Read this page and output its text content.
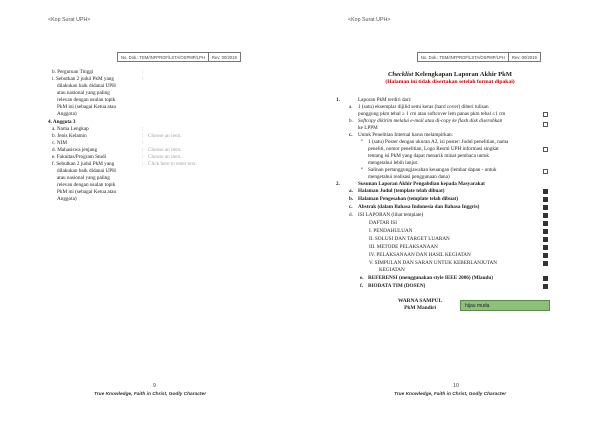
<Kop Surat UPH>
No. Dok.: TEM/INFPROF/LSTA/OSPMP/LPH	Rev: 00/2019
b. Perguruan Tinggi	:
i. Sebutkan 2 judul PkM yang	:
dilakukan baik didanai UPH
atau nasional yang paling
relevan dengan usulan topik
PkM ini (sebagai Ketua atau
Anggota)
4. Anggota 3
a. Nama Lengkap	:
b. Jenis Kelamin	: Choose an item.
c. NIM	:
d. Mahasiswa jenjang	: Choose an item.
e. Fakultas/Program Studi	: Choose an item.
f. Sebutkan 2 judul PkM yang	: Click here to enter text.
dilakukan baik didanai UPH
atau nasional yang paling
relevan dengan usulan topik
PkM ini (sebagai Ketua atau
Anggota)
9
True Knowledge, Faith in Christ, Godly Character
<Kop Surat UPH>
No. Dok.: TEM/INFPROF/LSTA/OSPMP/LPH	Rev: 00/2019
10
True Knowledge, Faith in Christ, Godly Character
Checklist Kelengkapan Laporan Akhir PkM
(Halaman ini tidak disertakan setelah format dipakai)
1.	Laporan PkM terdiri dari:
a. 1 (satu) eksemplar dijilid semi keras (hard cover) diberi tulisan
punggung pkm tebal ≥ 1 cm atau softcover lem panas pkm tebal ≤1 cm
b. Softcopy dikirim melalui e-mail atau di-copy ke flash disk diserahkan
ke LPPM
c. Untuk Penelitian Internal harus melampirkan:
• 1 (satu) Poster dengan ukuran A2, isi poster: Judul penelitian, nama
peneliti, nomor penelitian, Logo Resmi UPH informasi singkat
tentang isi PkM yang dapat menarik minat pembaca untuk
mengetahui lebih lanjut.
• Salinan pertanggungjawaban keuangan (lembar dapan - untuk
mengetahui realisasi penggunaan dana)
2.	Susunan Laporan Akhir Pengabdian kepada Masyarakat
a. Halaman Judul (template telah dibuat)
b. Halaman Pengesahan (template telah dibuat)
c. Abstrak (dalam Bahasa Indonesia dan Bahasa Inggris)
d. ISI LAPORAN (lihat template)
DAFTAR ISI
I. PENDAHULUAN
II. SOLUSI DAN TARGET LUARAN
III. METODE PELAKSANAAN
IV. PELAKSANAAN DAN HASIL KEGIATAN
V. SIMPULAN DAN SARAN UNTUK KEBERLANJUTAN
KEGIATAN
e. REFERENSI (menggunakan style IEEE 2006) (Mlaudu)
f. BIODATA TIM (DOSEN)
WARNA SAMPUL
PkM Mandiri	hijau muda
